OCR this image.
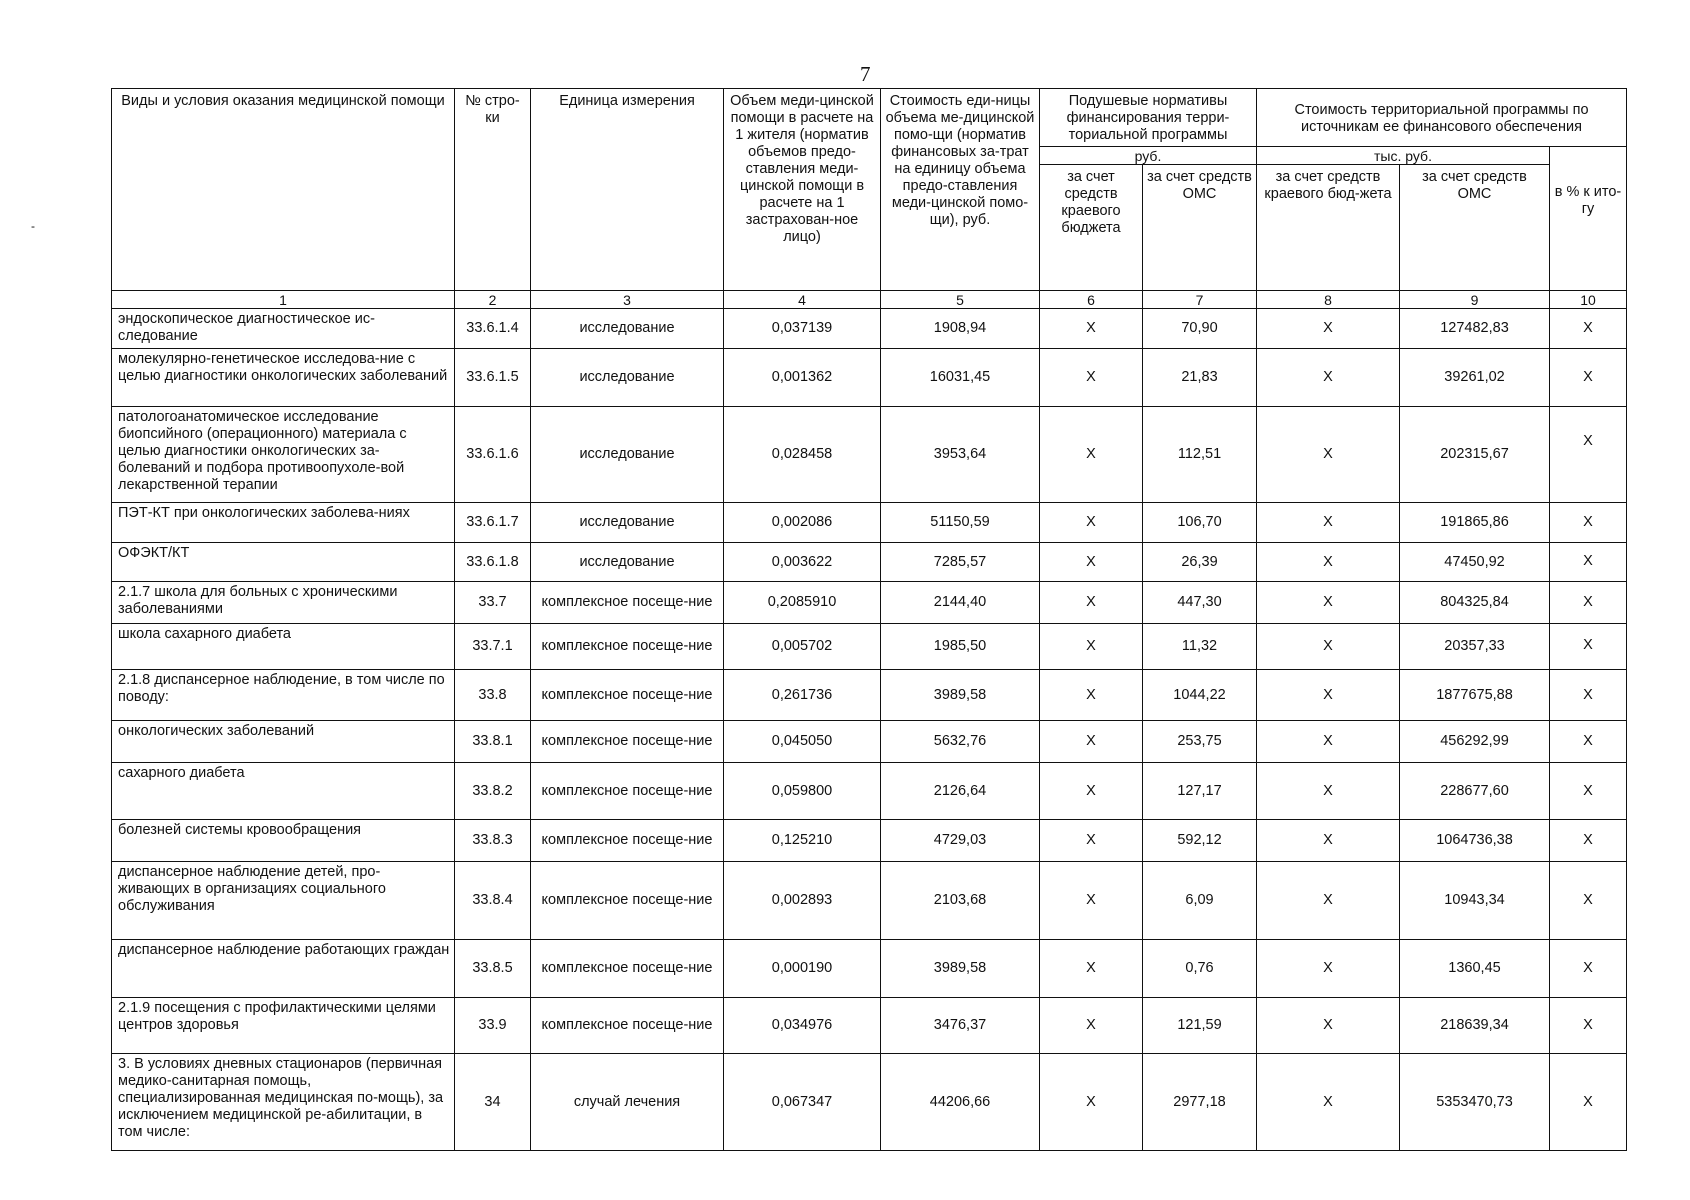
7
-
Виды и условия оказания медицинской помощи	№ стро-ки	Единица измерения	Объем меди-цинской помощи в расчете на 1 жителя (норматив объемов предо-ставления меди-цинской помощи в расчете на 1 застрахован-ное лицо)	Стоимость еди-ницы объема ме-дицинской помо-щи (норматив финансовых за-трат на единицу объема предо-ставления меди-цинской помо-щи), руб.	Подушевые нормативы финансирования терри-ториальной программы		Стоимость территориальной программы по источникам ее финансового обеспечения		
					руб.		тыс. руб.		в % к ито-гу
					за счет средств краевого бюджета	за счет средств ОМС	за счет средств краевого бюд-жета	за счет средств ОМС	
1	2	3	4	5	6	7	8	9	10
эндоскопическое диагностическое ис-следование	33.6.1.4	исследование	0,037139	1908,94	X	70,90	X	127482,83	X
молекулярно-генетическое исследова-ние с целью диагностики онкологических заболеваний	33.6.1.5	исследование	0,001362	16031,45	X	21,83	X	39261,02	X
патологоанатомическое исследование биопсийного (операционного) материала с целью диагностики онкологических за-болеваний и подбора противоопухоле-вой лекарственной терапии	33.6.1.6	исследование	0,028458	3953,64	X	112,51	X	202315,67	X
ПЭТ-КТ при онкологических заболева-ниях	33.6.1.7	исследование	0,002086	51150,59	X	106,70	X	191865,86	X
ОФЭКТ/КТ	33.6.1.8	исследование	0,003622	7285,57	X	26,39	X	47450,92	X
2.1.7 школа для больных с хроническими заболеваниями	33.7	комплексное посеще-ние	0,2085910	2144,40	X	447,30	X	804325,84	X
школа сахарного диабета	33.7.1	комплексное посеще-ние	0,005702	1985,50	X	11,32	X	20357,33	X
2.1.8 диспансерное наблюдение, в том числе по поводу:	33.8	комплексное посеще-ние	0,261736	3989,58	X	1044,22	X	1877675,88	X
онкологических заболеваний	33.8.1	комплексное посеще-ние	0,045050	5632,76	X	253,75	X	456292,99	X
сахарного диабета	33.8.2	комплексное посеще-ние	0,059800	2126,64	X	127,17	X	228677,60	X
болезней системы кровообращения	33.8.3	комплексное посеще-ние	0,125210	4729,03	X	592,12	X	1064736,38	X
диспансерное наблюдение детей, про-живающих в организациях социального обслуживания	33.8.4	комплексное посеще-ние	0,002893	2103,68	X	6,09	X	10943,34	X
диспансерное наблюдение работающих граждан	33.8.5	комплексное посеще-ние	0,000190	3989,58	X	0,76	X	1360,45	X
2.1.9 посещения с профилактическими целями центров здоровья	33.9	комплексное посеще-ние	0,034976	3476,37	X	121,59	X	218639,34	X
3. В условиях дневных стационаров (первичная медико-санитарная помощь, специализированная медицинская по-мощь), за исключением медицинской ре-абилитации, в том числе:	34	случай лечения	0,067347	44206,66	X	2977,18	X	5353470,73	X
